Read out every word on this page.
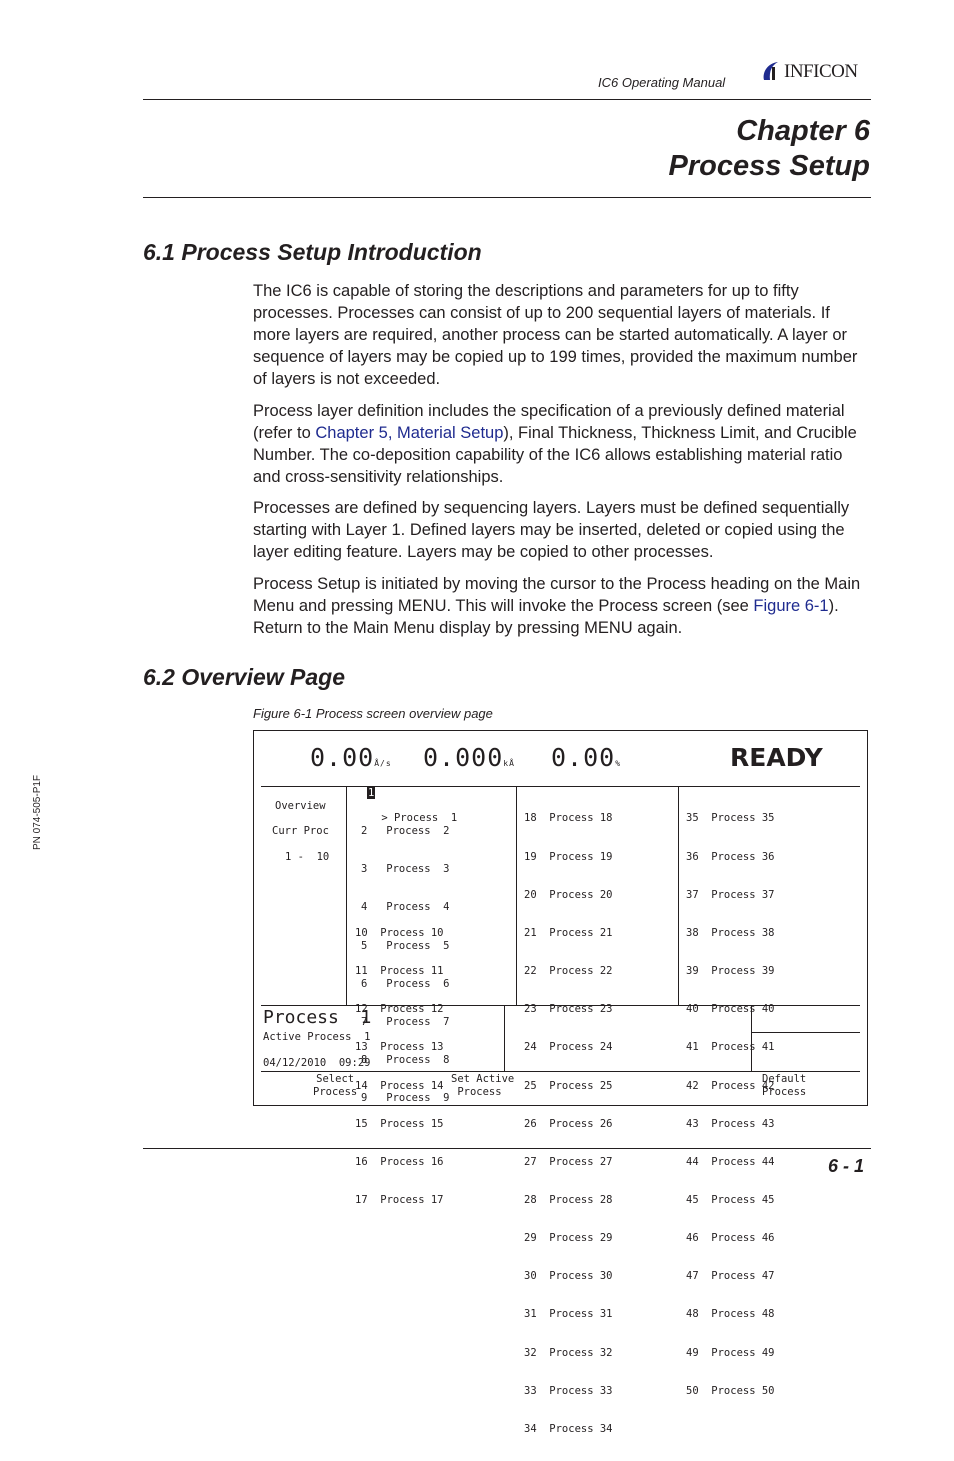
IC6 Operating Manual
INFICON
Chapter 6
Process Setup
6.1 Process Setup Introduction
The IC6 is capable of storing the descriptions and parameters for up to fifty processes. Processes can consist of up to 200 sequential layers of materials. If more layers are required, another process can be started automatically. A layer or sequence of layers may be copied up to 199 times, provided the maximum number of layers is not exceeded.
Process layer definition includes the specification of a previously defined material (refer to Chapter 5, Material Setup), Final Thickness, Thickness Limit, and Crucible Number. The co-deposition capability of the IC6 allows establishing material ratio and cross-sensitivity relationships.
Processes are defined by sequencing layers. Layers must be defined sequentially starting with Layer 1. Defined layers may be inserted, deleted or copied using the layer editing feature. Layers may be copied to other processes.
Process Setup is initiated by moving the cursor to the Process heading on the Main Menu and pressing MENU. This will invoke the Process screen (see Figure 6-1). Return to the Main Menu display by pressing MENU again.
6.2 Overview Page
Figure 6-1 Process screen overview page
0.00Å/s 0.000kÅ 0.00%	READY
Overview
Curr Proc
1 -  10
1

> Process  1

2   Process  2

3   Process  3

4   Process  4

5   Process  5

6   Process  6

7   Process  7

8   Process  8

9   Process  9

10  Process 10

11  Process 11

12  Process 12

13  Process 13

14  Process 14

15  Process 15

16  Process 16

17  Process 17

18  Process 18

19  Process 19

20  Process 20

21  Process 21

22  Process 22

23  Process 23

24  Process 24

25  Process 25

26  Process 26

27  Process 27

28  Process 28

29  Process 29

30  Process 30

31  Process 31

32  Process 32

33  Process 33

34  Process 34

35  Process 35

36  Process 36

37  Process 37

38  Process 38

39  Process 39

40  Process 40

41  Process 41

42  Process 42

43  Process 43

44  Process 44

45  Process 45

46  Process 46

47  Process 47

48  Process 48

49  Process 49

50  Process 50

Process  1
Active Process  1
04/12/2010  09:29
Select
Process
Set Active
Process
Default
Process
PN 074-505-P1F
6 - 1
